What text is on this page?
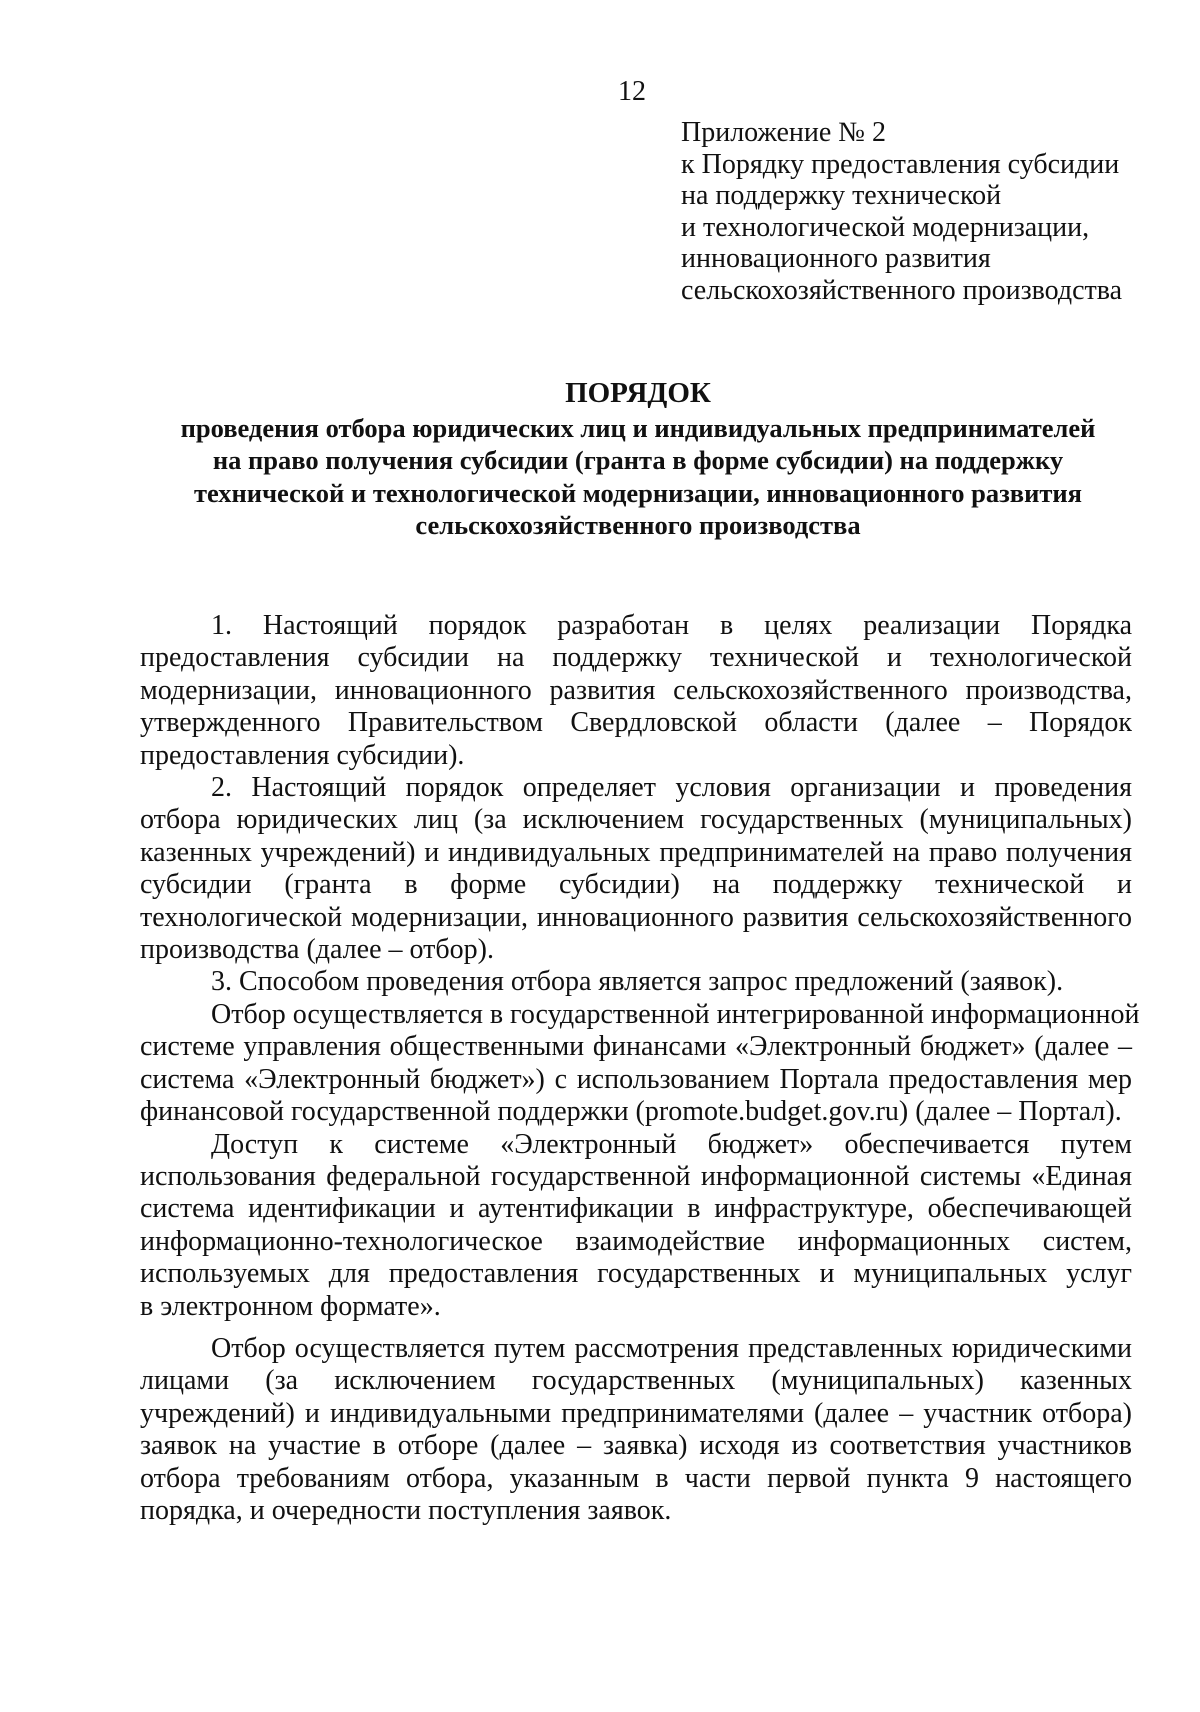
12
Приложение № 2
к Порядку предоставления субсидии
на поддержку технической
и технологической модернизации,
инновационного развития
сельскохозяйственного производства
ПОРЯДОК
проведения отбора юридических лиц и индивидуальных предпринимателей
на право получения субсидии (гранта в форме субсидии) на поддержку
технической и технологической модернизации, инновационного развития
сельскохозяйственного производства
1. Настоящий порядок разработан в целях реализации Порядка
предоставления субсидии на поддержку технической и технологической
модернизации, инновационного развития сельскохозяйственного производства,
утвержденного Правительством Свердловской области (далее – Порядок
предоставления субсидии).
2. Настоящий порядок определяет условия организации и проведения
отбора юридических лиц (за исключением государственных (муниципальных)
казенных учреждений) и индивидуальных предпринимателей на право получения
субсидии (гранта в форме субсидии) на поддержку технической и
технологической модернизации, инновационного развития сельскохозяйственного
производства (далее – отбор).
3. Способом проведения отбора является запрос предложений (заявок).
Отбор осуществляется в государственной интегрированной информационной
системе управления общественными финансами «Электронный бюджет» (далее –
система «Электронный бюджет») с использованием Портала предоставления мер
финансовой государственной поддержки (promote.budget.gov.ru) (далее – Портал).
Доступ к системе «Электронный бюджет» обеспечивается путем
использования федеральной государственной информационной системы «Единая
система идентификации и аутентификации в инфраструктуре, обеспечивающей
информационно-технологическое взаимодействие информационных систем,
используемых для предоставления государственных и муниципальных услуг
в электронном формате».
Отбор осуществляется путем рассмотрения представленных юридическими
лицами (за исключением государственных (муниципальных) казенных
учреждений) и индивидуальными предпринимателями (далее – участник отбора)
заявок на участие в отборе (далее – заявка) исходя из соответствия участников
отбора требованиям отбора, указанным в части первой пункта 9 настоящего
порядка, и очередности поступления заявок.
